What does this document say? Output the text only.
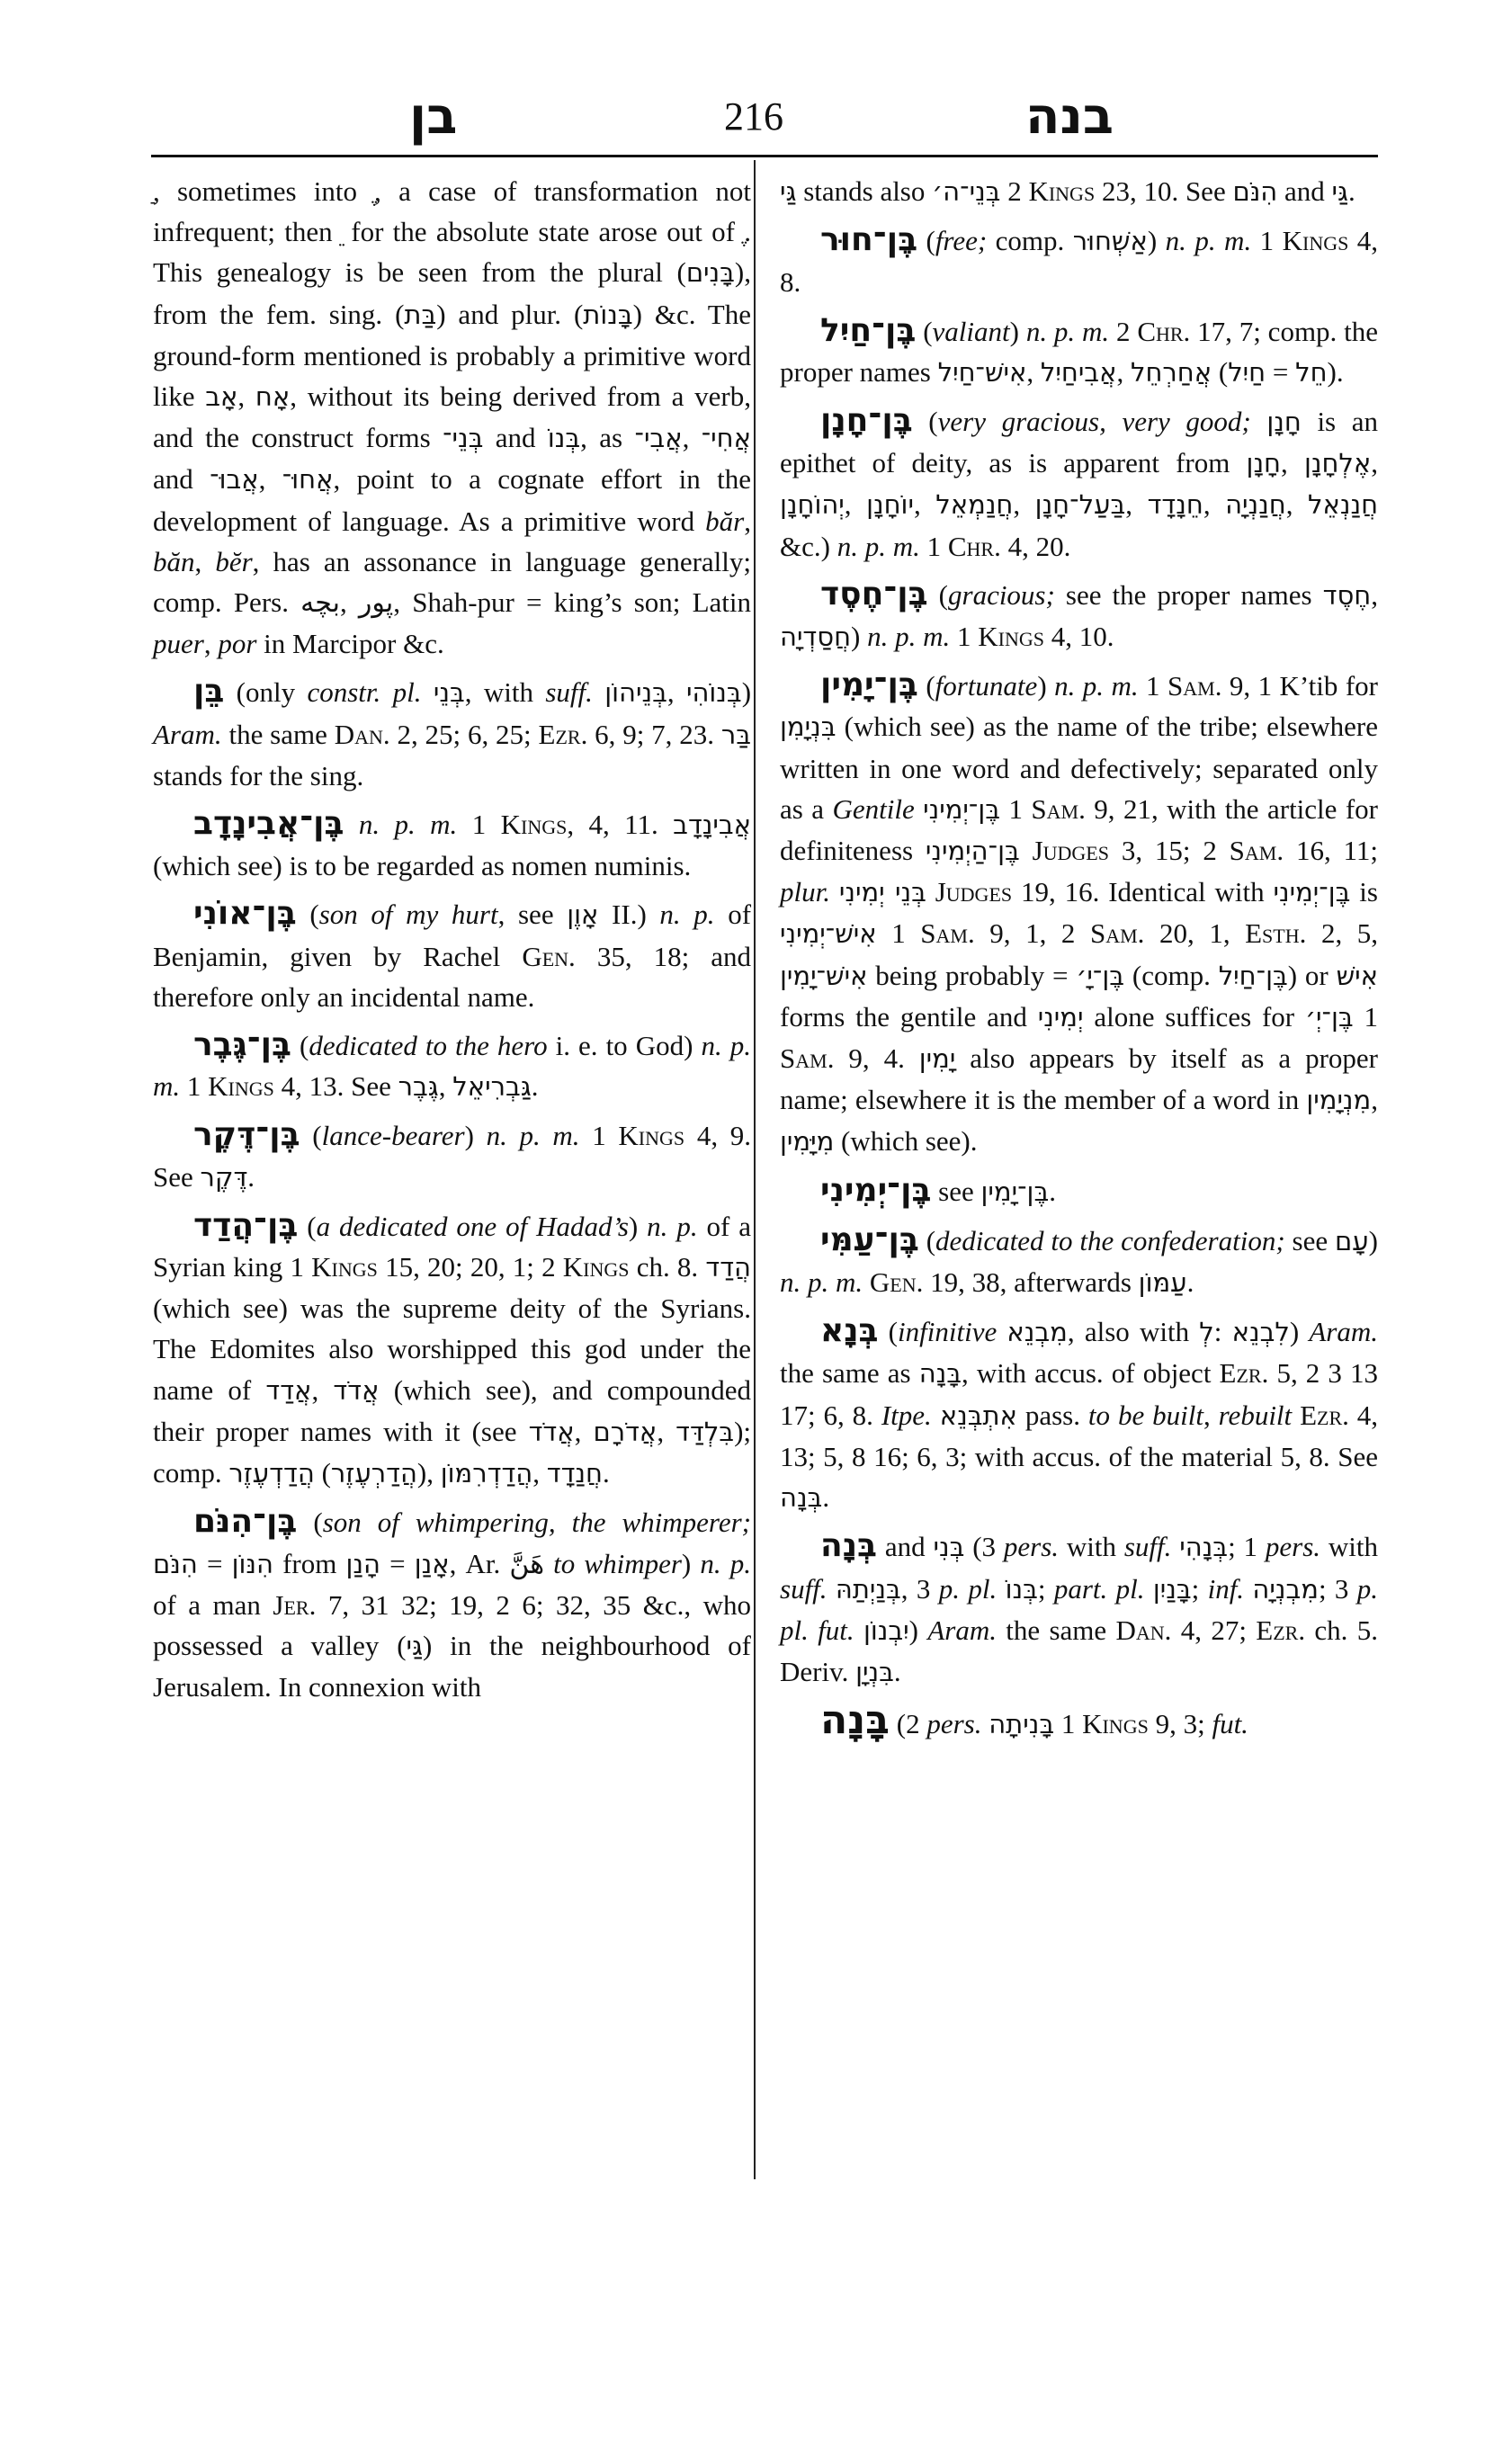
בן	216	בנה

ַ, sometimes into ֶ, a case of transformation not infrequent; then ֵ for the absolute state arose out of ֶ. This genealogy is be seen from the plural (בָּנִים), from the fem. sing. (בַּת) and plur. (בָּנוֹת) &c. The ground-form mentioned is probably a primitive word like אָב, אָח, without its being derived from a verb, and the construct forms בְּנֵי־ and בְּנוֹ, as אֲבִי־, אֲחִי־ and אֲבוּ־, אֲחוּ־, point to a cognate effort in the development of language. As a primitive word băr, băn, bĕr, has an assonance in language generally; comp. Pers. بچه, پور, Shah-pur = king’s son; Latin puer, por in Marcipor &c.

בֵּן (only constr. pl. בְּנֵי, with suff. בְּנֵיהוֹן, בְּנוֹהִי) Aram. the same Dan. 2, 25; 6, 25; Ezr. 6, 9; 7, 23. בַּר stands for the sing.

בֶּן־אֲבִינָדָב n. p. m. 1 Kings, 4, 11. אֲבִינָדָב (which see) is to be regarded as nomen numinis.

בֶּן־אוֹנִי (son of my hurt, see אָוֶן II.) n. p. of Benjamin, given by Rachel Gen. 35, 18; and therefore only an incidental name.

בֶּן־גֶּבֶר (dedicated to the hero i. e. to God) n. p. m. 1 Kings 4, 13. See גֶּבֶר, גַּבְרִיאֵל.

בֶּן־דֶּקֶר (lance-bearer) n. p. m. 1 Kings 4, 9. See דֶּקֶר.

בֶּן־הֲדַד (a dedicated one of Hadad’s) n. p. of a Syrian king 1 Kings 15, 20; 20, 1; 2 Kings ch. 8. הֲדַד (which see) was the supreme deity of the Syrians. The Edomites also worshipped this god under the name of אֲדַד, אֲדֹד (which see), and compounded their proper names with it (see אֲדֹד, אֲדֹרָם, בִּלְדַּד); comp. הֲדַדְעֶזֶר (הֲדַרְעֶזֶר), הֲדַדְרִמּוֹן, חֲנַדָד.

בֶּן־הִנֹּם (son of whimpering, the whimperer; הִנֹּם = הִנּוֹן from הָנַן = אָנַן, Ar. هَنَّ to whimper) n. p. of a man Jer. 7, 31 32; 19, 2 6; 32, 35 &c., who possessed a valley (גַּי) in the neighbourhood of Jerusalem. In connexion with

גַּי stands also בְּנֵי־ה׳ 2 Kings 23, 10. See הִנֹּם and גַּי.

בֶּן־חוּר (free; comp. אַשְׁחוּר) n. p. m. 1 Kings 4, 8.

בֶּן־חַיִל (valiant) n. p. m. 2 Chr. 17, 7; comp. the proper names אִישׁ־חַיִל, אֲבִיחַיִל, אֲחַרְחֵל (חַיִל = חֵל).

בֶּן־חָנָן (very gracious, very good; חָנָן is an epithet of deity, as is apparent from חָנָן, אֶלְחָנָן, יְהוֹחָנָן, יוֹחָנָן, חֲנַמְאֵל, בַּעַל־חָנָן, חֵנָדָד, חֲנַנְיָה, חֲנַנְאֵל &c.) n. p. m. 1 Chr. 4, 20.

בֶּן־חֶסֶד (gracious; see the proper names חֶסֶד, חֲסַדְיָה) n. p. m. 1 Kings 4, 10.

בֶּן־יָמִין (fortunate) n. p. m. 1 Sam. 9, 1 K’tib for בִּנְיָמִן (which see) as the name of the tribe; elsewhere written in one word and defectively; separated only as a Gentile בֶּן־יְמִינִי 1 Sam. 9, 21, with the article for definiteness בֶּן־הַיְמִינִי Judges 3, 15; 2 Sam. 16, 11; plur. בְּנֵי יְמִינִי Judges 19, 16. Identical with בֶּן־יְמִינִי is אִישׁ־יְמִינִי 1 Sam. 9, 1, 2 Sam. 20, 1, Esth. 2, 5, אִישׁ־יָמִין being probably = בֶּן־יָ׳ (comp. בֶּן־חַיִל) or אִישׁ forms the gentile and יְמִינִי alone suffices for בֶּן־יְ׳ 1 Sam. 9, 4. יָמִין also appears by itself as a proper name; elsewhere it is the member of a word in מִנְיָמִין, מִיָּמִין (which see).

בֶּן־יְמִינִי see בֶּן־יָמִין.

בֶּן־עַמִּי (dedicated to the confederation; see עָם) n. p. m. Gen. 19, 38, afterwards עַמּוֹן.

בְּנָא (infinitive מִבְנֵא, also with לְ: לִבְנֵא) Aram. the same as בָּנָה, with accus. of object Ezr. 5, 2 3 13 17; 6, 8. Itpe. אִתְבְּנֵא pass. to be built, rebuilt Ezr. 4, 13; 5, 8 16; 6, 3; with accus. of the material 5, 8. See בְּנָה.

בְּנָה and בְּנִי (3 pers. with suff. בְּנָהִי; 1 pers. with suff. בְּנַיְתַהּ, 3 p. pl. בְּנוֹ; part. pl. בָּנַיִן; inf. מִבְנְיָה; 3 p. pl. fut. יִבְנוֹן) Aram. the same Dan. 4, 27; Ezr. ch. 5. Deriv. בִּנְיָן.

בָּנָה (2 pers. בָּנִיתָה 1 Kings 9, 3; fut.
